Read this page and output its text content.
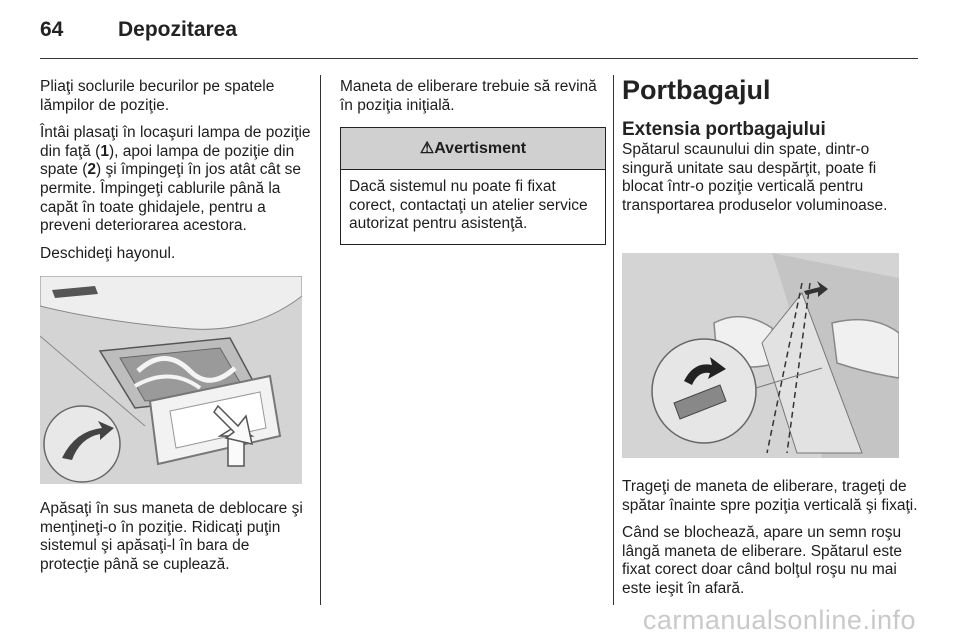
64	Depozitarea

Pliaţi soclurile becurilor pe spatele lămpilor de poziţie.

Întâi plasaţi în locaşuri lampa de poziţie din faţă (1), apoi lampa de poziţie din spate (2) şi împingeţi în jos atât cât se permite. Împingeţi cablurile până la capăt în toate ghidajele, pentru a preveni deteriorarea acestora.

Deschideţi hayonul.

Apăsaţi în sus maneta de deblocare şi menţineţi-o în poziţie. Ridicaţi puţin sistemul şi apăsaţi-l în bara de protecţie până se cuplează.

Maneta de eliberare trebuie să revină în poziţia iniţială.

⚠Avertisment
Dacă sistemul nu poate fi fixat corect, contactaţi un atelier service autorizat pentru asistenţă.
Portbagajul
Extensia portbagajului

Spătarul scaunului din spate, dintr-o singură unitate sau despărţit, poate fi blocat într-o poziţie verticală pentru transportarea produselor voluminoase.

Trageţi de maneta de eliberare, trageţi de spătar înainte spre poziţia verticală şi fixaţi.

Când se blochează, apare un semn roşu lângă maneta de eliberare. Spătarul este fixat corect doar când bolţul roşu nu mai este ieşit în afară.

carmanualsonline.info
